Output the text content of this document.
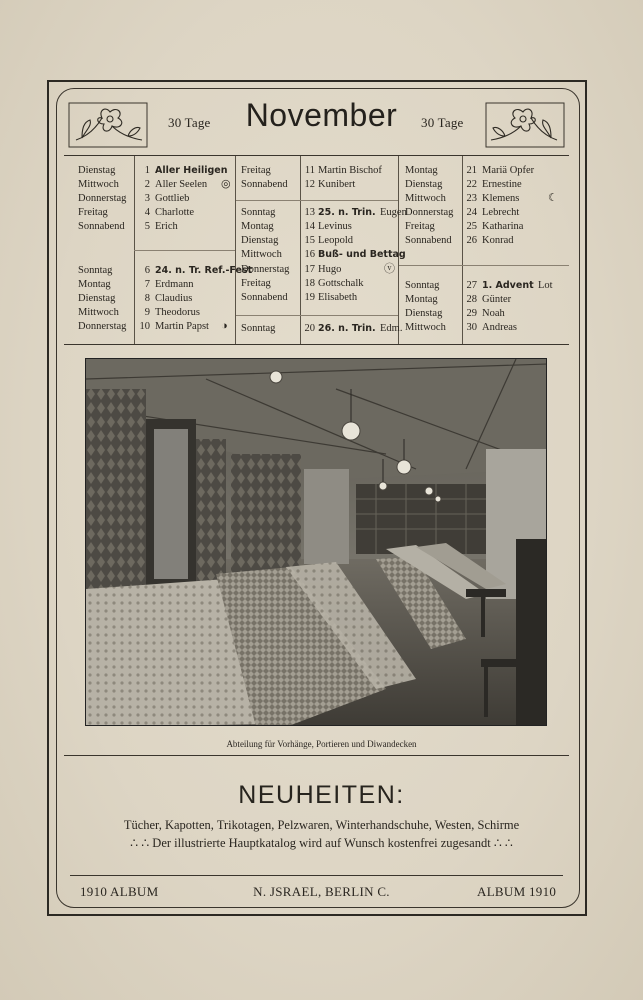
30 Tage	November	30 Tage
Dienstag	1 Aller Heiligen
Mittwoch	2 Aller Seelen ◎
Donnerstag	3 Gottlieb
Freitag	4 Charlotte
Sonnabend	5 Erich
Sonntag	6 24. n. Tr. Ref.-Fest
Montag	7 Erdmann
Dienstag	8 Claudius
Mittwoch	9 Theodorus
Donnerstag 10 Martin Papst ◑
Freitag	11 Martin Bischof
Sonnabend 12 Kunibert
Sonntag	13 25. n. Trin. Eugen
Montag	14 Levinus
Dienstag 15 Leopold
Mittwoch 16 Buß- und Bettag
Donnerstag 17 Hugo	ⓥ
Freitag	18 Gottschalk
Sonnabend 19 Elisabeth
Sonntag	20 26. n. Trin. Edm.
Montag	21 Mariä Opfer
Dienstag 22 Ernestine
Mittwoch 23 Klemens	☾
Donnerstag 24 Lebrecht
Freitag	25 Katharina
Sonnabend 26 Konrad
Sonntag	27 1. Advent Lot
Montag	28 Günter
Dienstag 29 Noah
Mittwoch 30 Andreas
Abteilung für Vorhänge, Portieren und Diwandecken
NEUHEITEN:
Tücher, Kapotten, Trikotagen, Pelzwaren, Winterhandschuhe, Westen, Schirme
∴ ∴ Der illustrierte Hauptkatalog wird auf Wunsch kostenfrei zugesandt ∴ ∴
1910 ALBUM	N. JSRAEL, BERLIN C.	ALBUM 1910
